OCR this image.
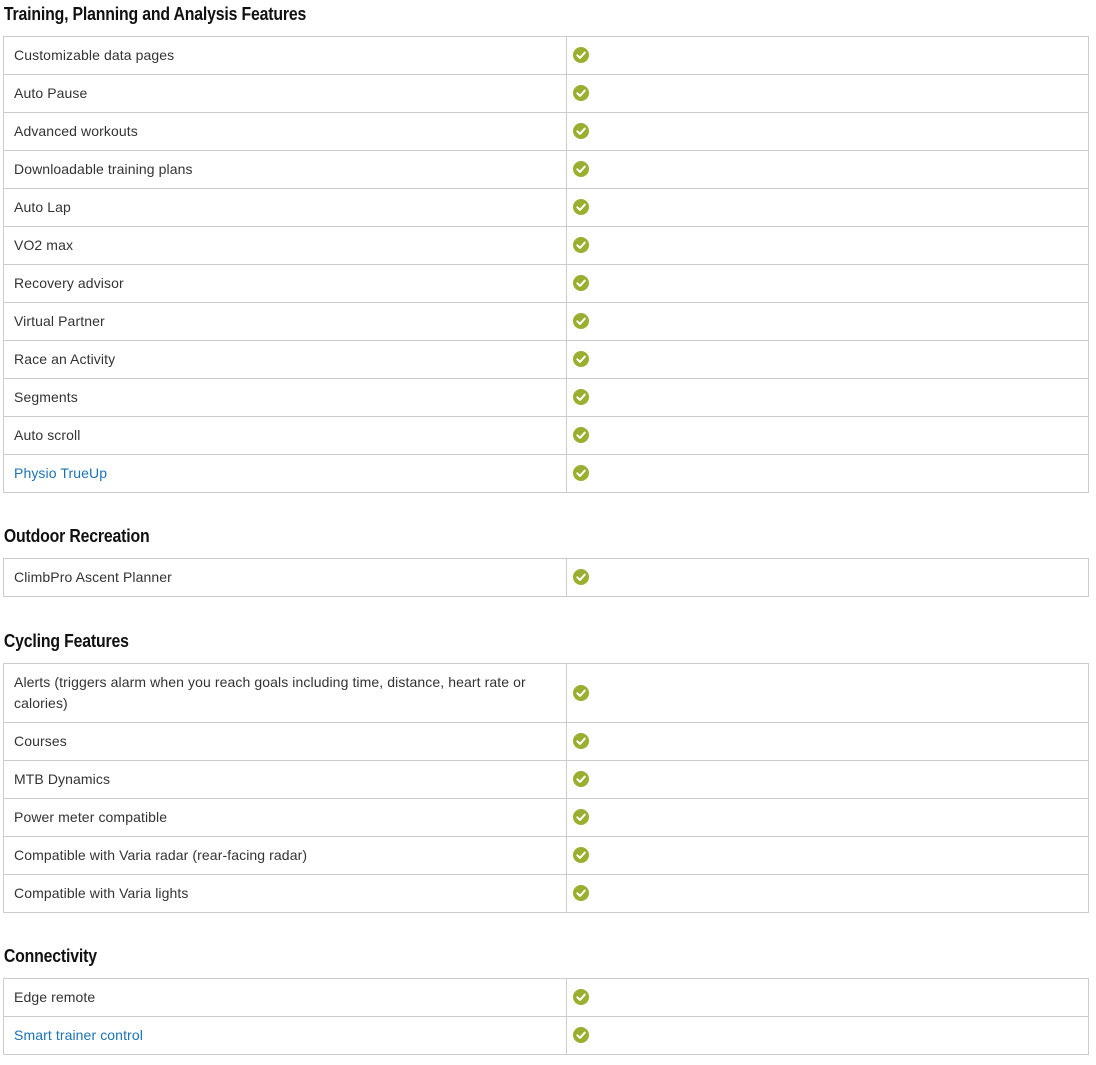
Training, Planning and Analysis Features
Customizable data pages	

Auto Pause	

Advanced workouts	

Downloadable training plans	

Auto Lap	

VO2 max	

Recovery advisor	

Virtual Partner	

Race an Activity	

Segments	

Auto scroll	

Physio TrueUp	
Outdoor Recreation
ClimbPro Ascent Planner	
Cycling Features
Alerts (triggers alarm when you reach goals including time, distance, heart rate or calories)	

Courses	

MTB Dynamics	

Power meter compatible	

Compatible with Varia radar (rear-facing radar)	

Compatible with Varia lights	
Connectivity
Edge remote	

Smart trainer control	
